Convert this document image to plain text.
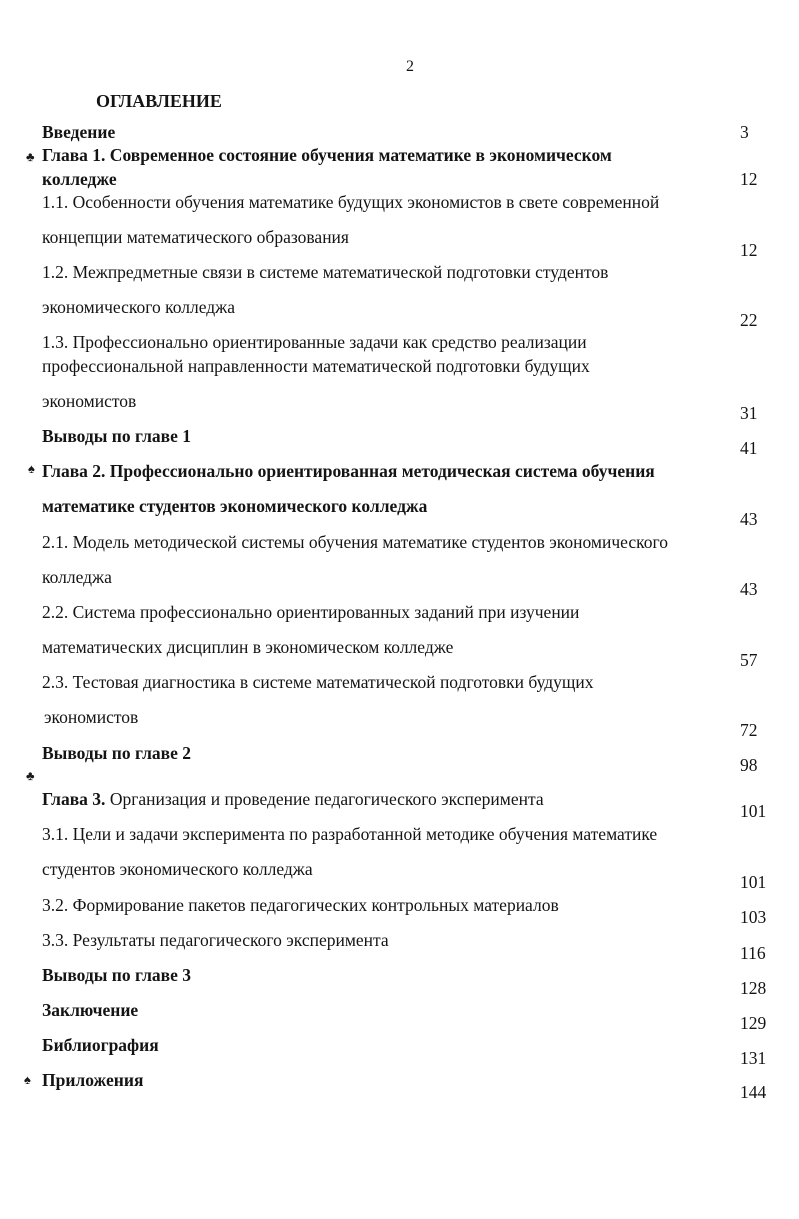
2
ОГЛАВЛЕНИЕ
♣
♠
♣
♠
Введение	3
Глава 1. Современное состояние обучения математике в экономическом
колледже	12
1.1. Особенности обучения математике будущих экономистов в свете современной
концепции математического образования
12
1.2. Межпредметные связи в системе математической подготовки студентов
экономического колледжа
22
1.3. Профессионально ориентированные задачи как средство реализации
профессиональной направленности математической подготовки будущих
экономистов
31
Выводы по главе 1
41
Глава 2. Профессионально ориентированная методическая система обучения
математике студентов экономического колледжа
43
2.1. Модель методической системы обучения математике студентов экономического
колледжа
43
2.2. Система профессионально ориентированных заданий при изучении
математических дисциплин в экономическом колледже
57
2.3. Тестовая диагностика в системе математической подготовки будущих
экономистов
72
Выводы по главе 2
98
Глава 3. Организация и проведение педагогического эксперимента
101
3.1. Цели и задачи эксперимента по разработанной методике обучения математике
студентов экономического колледжа
101
3.2. Формирование пакетов педагогических контрольных материалов
103
3.3. Результаты педагогического эксперимента
116
Выводы по главе 3
128
Заключение
129
Библиография
131
Приложения
144
